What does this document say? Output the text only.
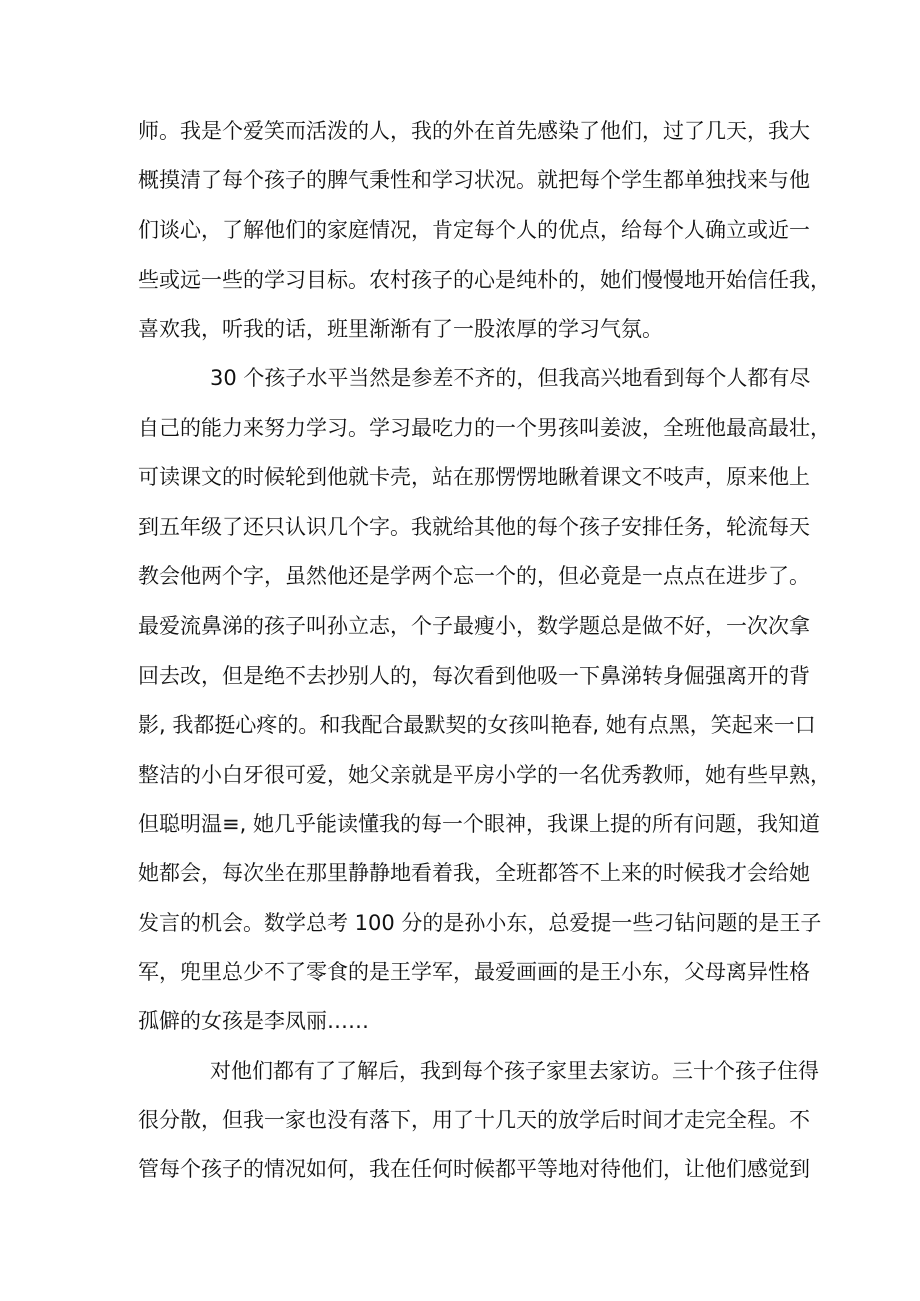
师。我是个爱笑而活泼的人，我的外在首先感染了他们，过了几天，我大
概摸清了每个孩子的脾气秉性和学习状况。就把每个学生都单独找来与他
们谈心，了解他们的家庭情况，肯定每个人的优点，给每个人确立或近一
些或远一些的学习目标。农村孩子的心是纯朴的，她们慢慢地开始信任我，
喜欢我，听我的话，班里渐渐有了一股浓厚的学习气氛。
30 个孩子水平当然是参差不齐的，但我高兴地看到每个人都有尽
自己的能力来努力学习。学习最吃力的一个男孩叫姜波，全班他最高最壮，
可读课文的时候轮到他就卡壳，站在那愣愣地瞅着课文不吱声，原来他上
到五年级了还只认识几个字。我就给其他的每个孩子安排任务，轮流每天
教会他两个字，虽然他还是学两个忘一个的，但必竟是一点点在进步了。
最爱流鼻涕的孩子叫孙立志，个子最瘦小，数学题总是做不好，一次次拿
回去改，但是绝不去抄别人的，每次看到他吸一下鼻涕转身倔强离开的背
影, 我都挺心疼的。和我配合最默契的女孩叫艳春, 她有点黑，笑起来一口
整洁的小白牙很可爱，她父亲就是平房小学的一名优秀教师，她有些早熟，
但聪明温≡, 她几乎能读懂我的每一个眼神，我课上提的所有问题，我知道
她都会，每次坐在那里静静地看着我，全班都答不上来的时候我才会给她
发言的机会。数学总考 100 分的是孙小东，总爱提一些刁钻问题的是王子
军，兜里总少不了零食的是王学军，最爱画画的是王小东，父母离异性格
孤僻的女孩是李凤丽……
对他们都有了了解后，我到每个孩子家里去家访。三十个孩子住得
很分散，但我一家也没有落下，用了十几天的放学后时间才走完全程。不
管每个孩子的情况如何，我在任何时候都平等地对待他们，让他们感觉到
